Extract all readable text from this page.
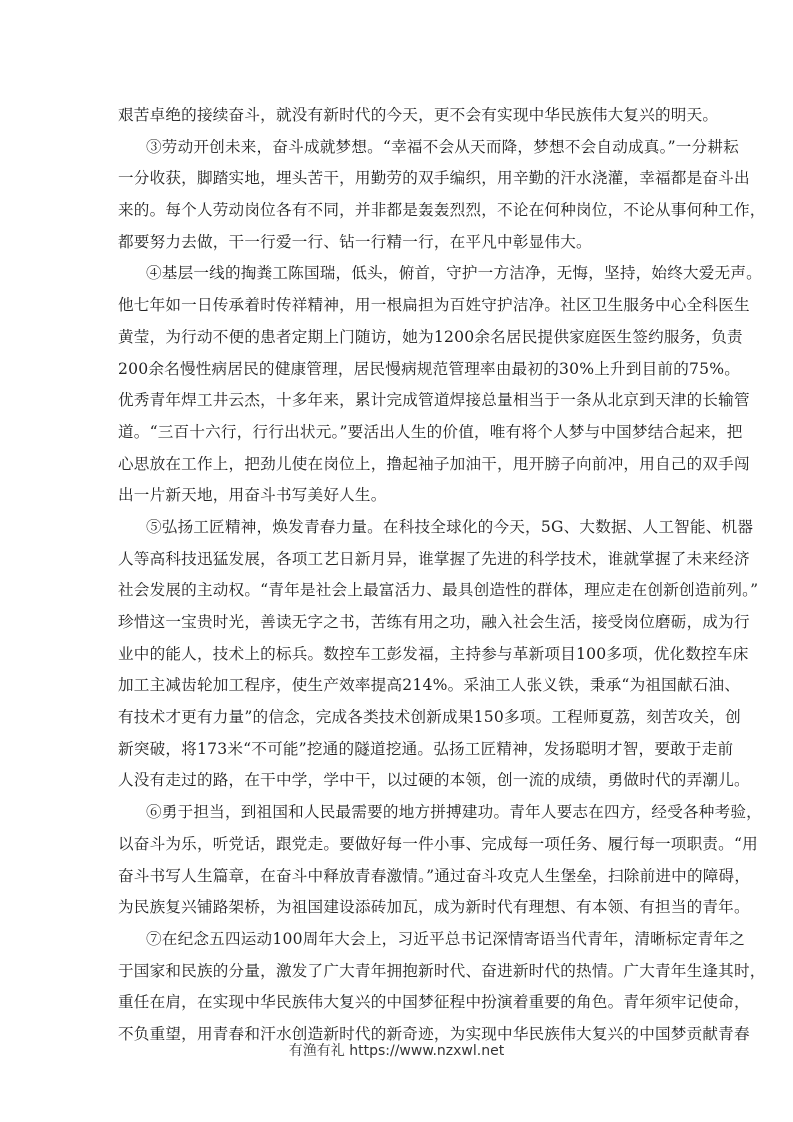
艰苦卓绝的接续奋斗，就没有新时代的今天，更不会有实现中华民族伟大复兴的明天。
③劳动开创未来，奋斗成就梦想。“幸福不会从天而降，梦想不会自动成真。”一分耕耘
一分收获，脚踏实地，埋头苦干，用勤劳的双手编织，用辛勤的汗水浇灌，幸福都是奋斗出
来的。每个人劳动岗位各有不同，并非都是轰轰烈烈，不论在何种岗位，不论从事何种工作，
都要努力去做，干一行爱一行、钻一行精一行，在平凡中彰显伟大。
④基层一线的掏粪工陈国瑞，低头，俯首，守护一方洁净，无悔，坚持，始终大爱无声。
他七年如一日传承着时传祥精神，用一根扁担为百姓守护洁净。社区卫生服务中心全科医生
黄莹，为行动不便的患者定期上门随访，她为1200余名居民提供家庭医生签约服务，负责
200余名慢性病居民的健康管理，居民慢病规范管理率由最初的30%上升到目前的75%。
优秀青年焊工井云杰，十多年来，累计完成管道焊接总量相当于一条从北京到天津的长输管
道。“三百十六行，行行出状元。”要活出人生的价值，唯有将个人梦与中国梦结合起来，把
心思放在工作上，把劲儿使在岗位上，撸起袖子加油干，甩开膀子向前冲，用自己的双手闯
出一片新天地，用奋斗书写美好人生。
⑤弘扬工匠精神，焕发青春力量。在科技全球化的今天，5G、大数据、人工智能、机器
人等高科技迅猛发展，各项工艺日新月异，谁掌握了先进的科学技术，谁就掌握了未来经济
社会发展的主动权。“青年是社会上最富活力、最具创造性的群体，理应走在创新创造前列。”
珍惜这一宝贵时光，善读无字之书，苦练有用之功，融入社会生活，接受岗位磨砺，成为行
业中的能人，技术上的标兵。数控车工彭发福，主持参与革新项目100多项，优化数控车床
加工主减齿轮加工程序，使生产效率提高214%。采油工人张义铁，秉承“为祖国献石油、
有技术才更有力量”的信念，完成各类技术创新成果150多项。工程师夏荔，刻苦攻关，创
新突破，将173米“不可能”挖通的隧道挖通。弘扬工匠精神，发扬聪明才智，要敢于走前
人没有走过的路，在干中学，学中干，以过硬的本领，创一流的成绩，勇做时代的弄潮儿。
⑥勇于担当，到祖国和人民最需要的地方拼搏建功。青年人要志在四方，经受各种考验，
以奋斗为乐，听党话，跟党走。要做好每一件小事、完成每一项任务、履行每一项职责。“用
奋斗书写人生篇章，在奋斗中释放青春激情。”通过奋斗攻克人生堡垒，扫除前进中的障碍，
为民族复兴铺路架桥，为祖国建设添砖加瓦，成为新时代有理想、有本领、有担当的青年。
⑦在纪念五四运动100周年大会上，习近平总书记深情寄语当代青年，清晰标定青年之
于国家和民族的分量，激发了广大青年拥抱新时代、奋进新时代的热情。广大青年生逢其时，
重任在肩，在实现中华民族伟大复兴的中国梦征程中扮演着重要的角色。青年须牢记使命，
不负重望，用青春和汗水创造新时代的新奇迹，为实现中华民族伟大复兴的中国梦贡献青春
有渔有礼 https://www.nzxwl.net
